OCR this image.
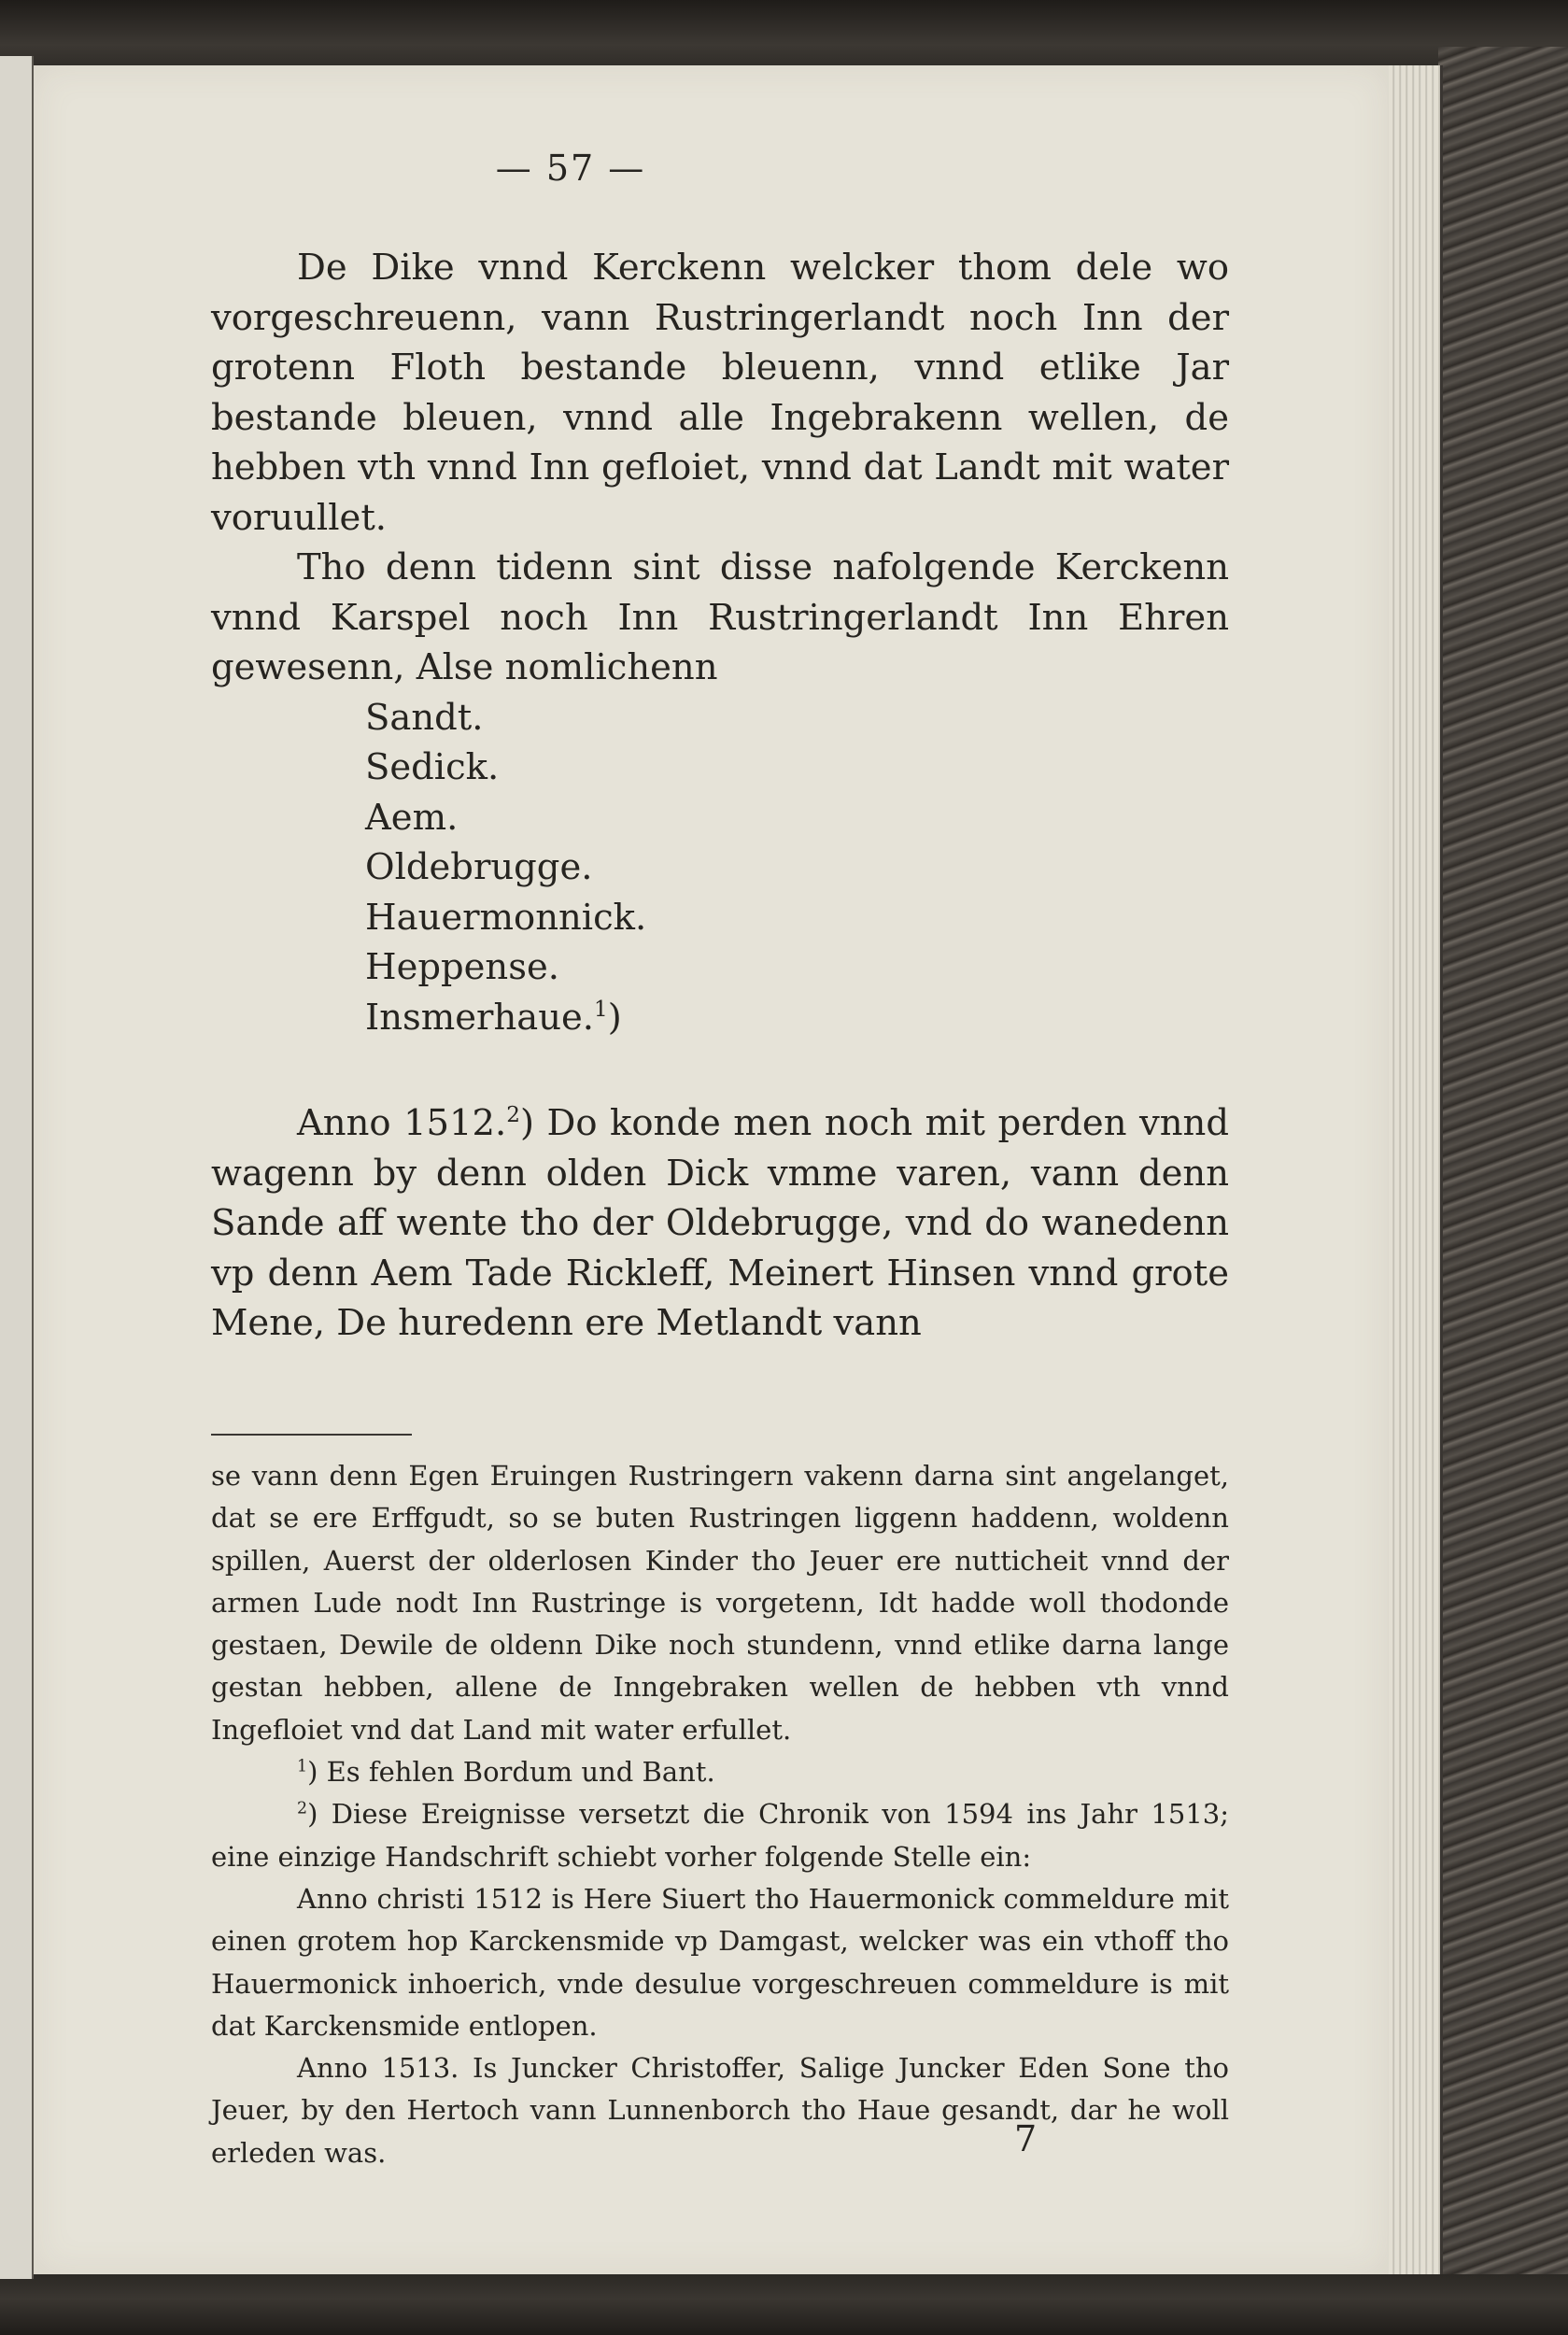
— 57 —

De Dike vnnd Kerckenn welcker thom dele wo vorgeschreuenn, vann Rustringerlandt noch Inn der grotenn Floth bestande bleuenn, vnnd etlike Jar bestande bleuen, vnnd alle Ingebrakenn wellen, de hebben vth vnnd Inn gefloiet, vnnd dat Landt mit water voruullet.

Tho denn tidenn sint disse nafolgende Kerckenn vnnd Karspel noch Inn Rustringerlandt Inn Ehren gewesenn, Alse nomlichenn

Sandt.
Sedick.
Aem.
Oldebrugge.
Hauermonnick.
Heppense.
Insmerhaue.$^1$)

Anno 1512.$^2$) Do konde men noch mit perden vnnd wagenn by denn olden Dick vmme varen, vann denn Sande aff wente tho der Oldebrugge, vnd do wanedenn vp denn Aem Tade Rickleff, Meinert Hinsen vnnd grote Mene, De huredenn ere Metlandt vann

se vann denn Egen Eruingen Rustringern vakenn darna sint angelanget, dat se ere Erffgudt, so se buten Rustringen liggenn haddenn, woldenn spillen, Auerst der olderlosen Kinder tho Jeuer ere nutticheit vnnd der armen Lude nodt Inn Rustringe is vorgetenn, Idt hadde woll thodonde gestaen, Dewile de oldenn Dike noch stundenn, vnnd etlike darna lange gestan hebben, allene de Inngebraken wellen de hebben vth vnnd Ingefloiet vnd dat Land mit water erfullet.

$^1$) Es fehlen Bordum und Bant.

$^2$) Diese Ereignisse versetzt die Chronik von 1594 ins Jahr 1513; eine einzige Handschrift schiebt vorher folgende Stelle ein:

Anno christi 1512 is Here Siuert tho Hauermonick commeldure mit einen grotem hop Karckensmide vp Damgast, welcker was ein vthoff tho Hauermonick inhoerich, vnde desulue vorgeschreuen commeldure is mit dat Karckensmide entlopen.

Anno 1513. Is Juncker Christoffer, Salige Juncker Eden Sone tho Jeuer, by den Hertoch vann Lunnenborch tho Haue gesandt, dar he woll erleden was.	7
